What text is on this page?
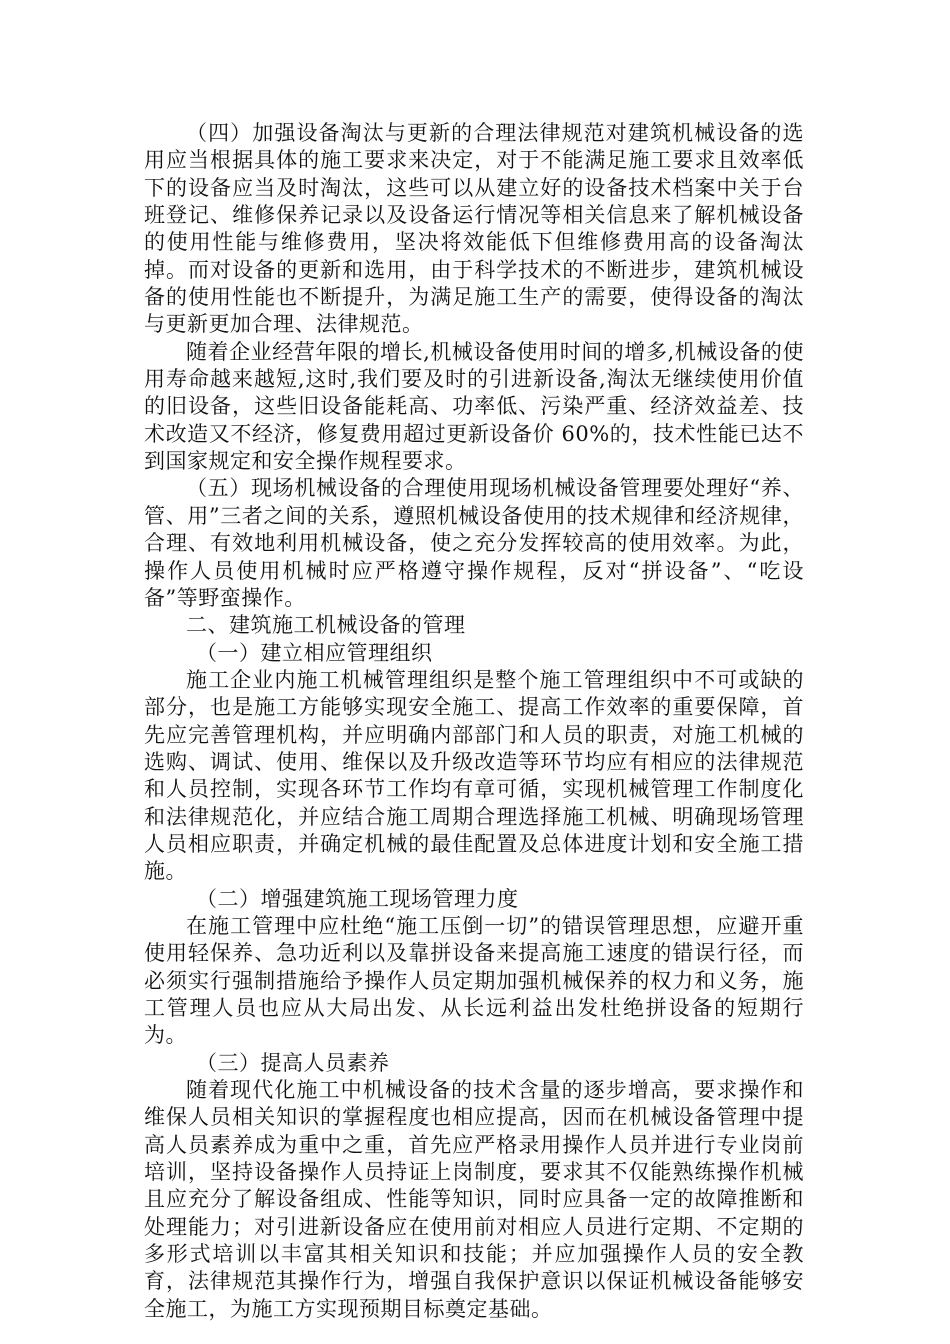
（四）加强设备淘汰与更新的合理法律规范对建筑机械设备的选用应当根据具体的施工要求来决定，对于不能满足施工要求且效率低下的设备应当及时淘汰，这些可以从建立好的设备技术档案中关于台班登记、维修保养记录以及设备运行情况等相关信息来了解机械设备的使用性能与维修费用，坚决将效能低下但维修费用高的设备淘汰掉。而对设备的更新和选用，由于科学技术的不断进步，建筑机械设备的使用性能也不断提升，为满足施工生产的需要，使得设备的淘汰与更新更加合理、法律规范。

随着企业经营年限的增长,机械设备使用时间的增多,机械设备的使用寿命越来越短,这时,我们要及时的引进新设备,淘汰无继续使用价值的旧设备，这些旧设备能耗高、功率低、污染严重、经济效益差、技术改造又不经济，修复费用超过更新设备价 60%的，技术性能已达不到国家规定和安全操作规程要求。

（五）现场机械设备的合理使用现场机械设备管理要处理好“养、管、用”三者之间的关系，遵照机械设备使用的技术规律和经济规律，合理、有效地利用机械设备，使之充分发挥较高的使用效率。为此，操作人员使用机械时应严格遵守操作规程，反对“拼设备”、“吃设备”等野蛮操作。

二、建筑施工机械设备的管理

（一）建立相应管理组织

施工企业内施工机械管理组织是整个施工管理组织中不可或缺的部分，也是施工方能够实现安全施工、提高工作效率的重要保障，首先应完善管理机构，并应明确内部部门和人员的职责，对施工机械的选购、调试、使用、维保以及升级改造等环节均应有相应的法律规范和人员控制，实现各环节工作均有章可循，实现机械管理工作制度化和法律规范化，并应结合施工周期合理选择施工机械、明确现场管理人员相应职责，并确定机械的最佳配置及总体进度计划和安全施工措施。

（二）增强建筑施工现场管理力度

在施工管理中应杜绝“施工压倒一切”的错误管理思想，应避开重使用轻保养、急功近利以及靠拼设备来提高施工速度的错误行径，而必须实行强制措施给予操作人员定期加强机械保养的权力和义务，施工管理人员也应从大局出发、从长远利益出发杜绝拼设备的短期行为。

（三）提高人员素养

随着现代化施工中机械设备的技术含量的逐步增高，要求操作和维保人员相关知识的掌握程度也相应提高，因而在机械设备管理中提高人员素养成为重中之重，首先应严格录用操作人员并进行专业岗前培训，坚持设备操作人员持证上岗制度，要求其不仅能熟练操作机械且应充分了解设备组成、性能等知识，同时应具备一定的故障推断和处理能力；对引进新设备应在使用前对相应人员进行定期、不定期的多形式培训以丰富其相关知识和技能；并应加强操作人员的安全教育，法律规范其操作行为，增强自我保护意识以保证机械设备能够安全施工，为施工方实现预期目标奠定基础。
